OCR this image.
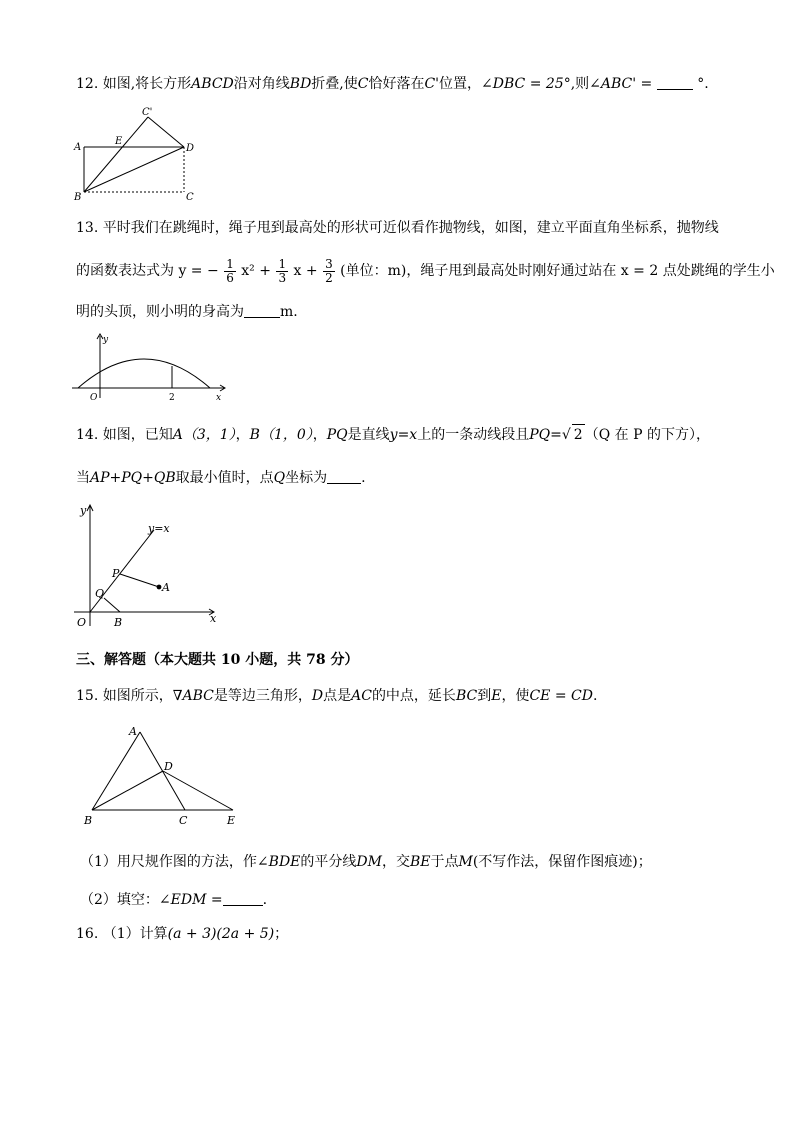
12. 如图,将长方形ABCD沿对角线BD折叠,使C恰好落在C'位置，∠DBC = 25°,则∠ABC' =	°.
C'
A
E
D
B	C
13. 平时我们在跳绳时，绳子甩到最高处的形状可近似看作抛物线，如图，建立平面直角坐标系，抛物线
的函数表达式为 y = − $\frac{1}{6} x^2 + \frac{1}{3}$ $x + \frac{3}{2}$ (单位：m)，绳子甩到最高处时刚好通过站在 x = 2 点处跳绳的学生小
明的头顶，则小明的身高为	m.
y
O	2	x
14. 如图，已知A（3，1），B（1，0），PQ是直线y=x上的一条动线段且PQ=√ 2 （Q 在 P 的下方），
当AP+PQ+QB取最小值时，点Q坐标为 .
y
y=x
P
A
Q
O	B	x
三、解答题（本大题共 10 小题，共 78 分）
15. 如图所示，∇ABC是等边三角形，D点是AC的中点，延长BC到E，使CE = CD.
A
D
B	C	E
（1）用尺规作图的方法，作∠BDE的平分线DM，交BE于点M(不写作法，保留作图痕迹)；
（2）填空：∠EDM =	.
16. （1）计算(a + 3)(2a + 5)；
